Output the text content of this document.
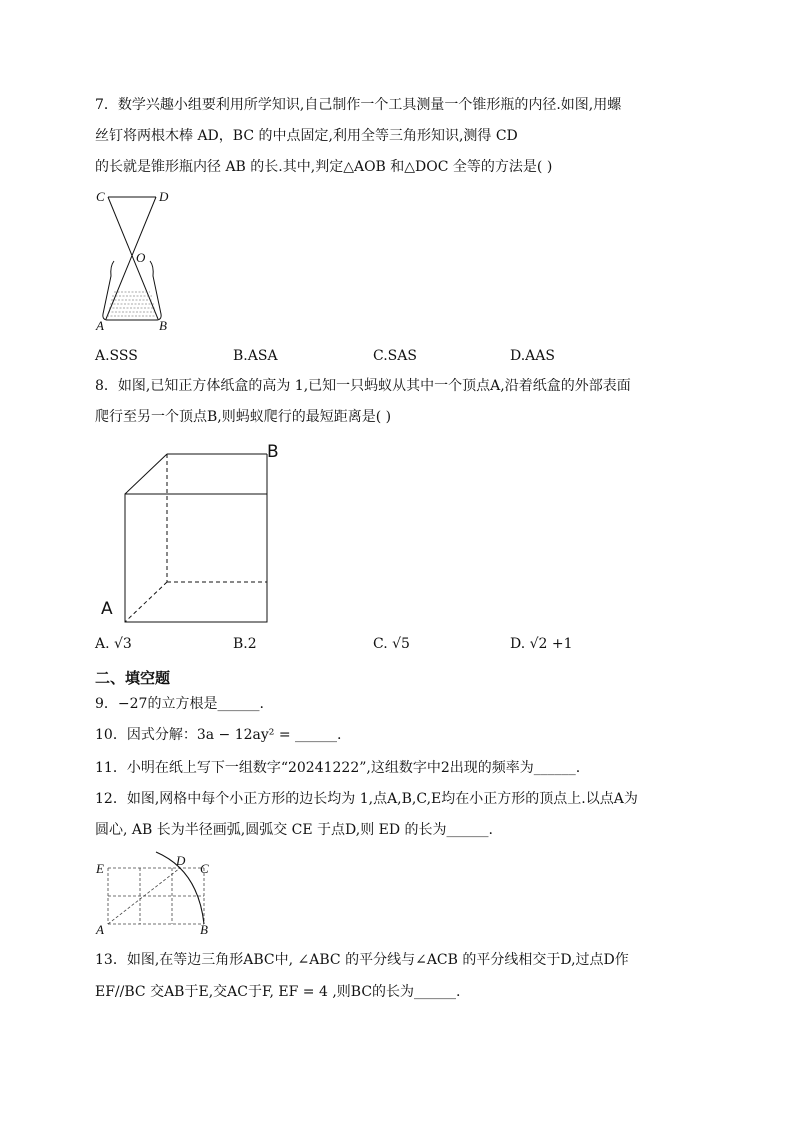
7．数学兴趣小组要利用所学知识,自己制作一个工具测量一个锥形瓶的内径.如图,用螺
丝钉将两根木棒 AD，BC 的中点固定,利用全等三角形知识,测得 CD
的长就是锥形瓶内径 AB 的长.其中,判定△AOB 和△DOC 全等的方法是( )
C	D
O
A	B
A.SSS	B.ASA	C.SAS	D.AAS
8．如图,已知正方体纸盒的高为 1,已知一只蚂蚁从其中一个顶点A,沿着纸盒的外部表面
爬行至另一个顶点B,则蚂蚁爬行的最短距离是( )
B
A
A. √3	B.2	C. √5	D. √2 +1
二、填空题
9．−27的立方根是______.
10．因式分解：3a − 12ay² = ______.
11．小明在纸上写下一组数字“20241222”,这组数字中2出现的频率为______.
12．如图,网格中每个小正方形的边长均为 1,点A,B,C,E均在小正方形的顶点上.以点A为
圆心, AB 长为半径画弧,圆弧交 CE 于点D,则 ED 的长为______.
E
D
C
A	B
13．如图,在等边三角形ABC中, ∠ABC 的平分线与∠ACB 的平分线相交于D,过点D作
EF//BC 交AB于E,交AC于F, EF = 4 ,则BC的长为______.
